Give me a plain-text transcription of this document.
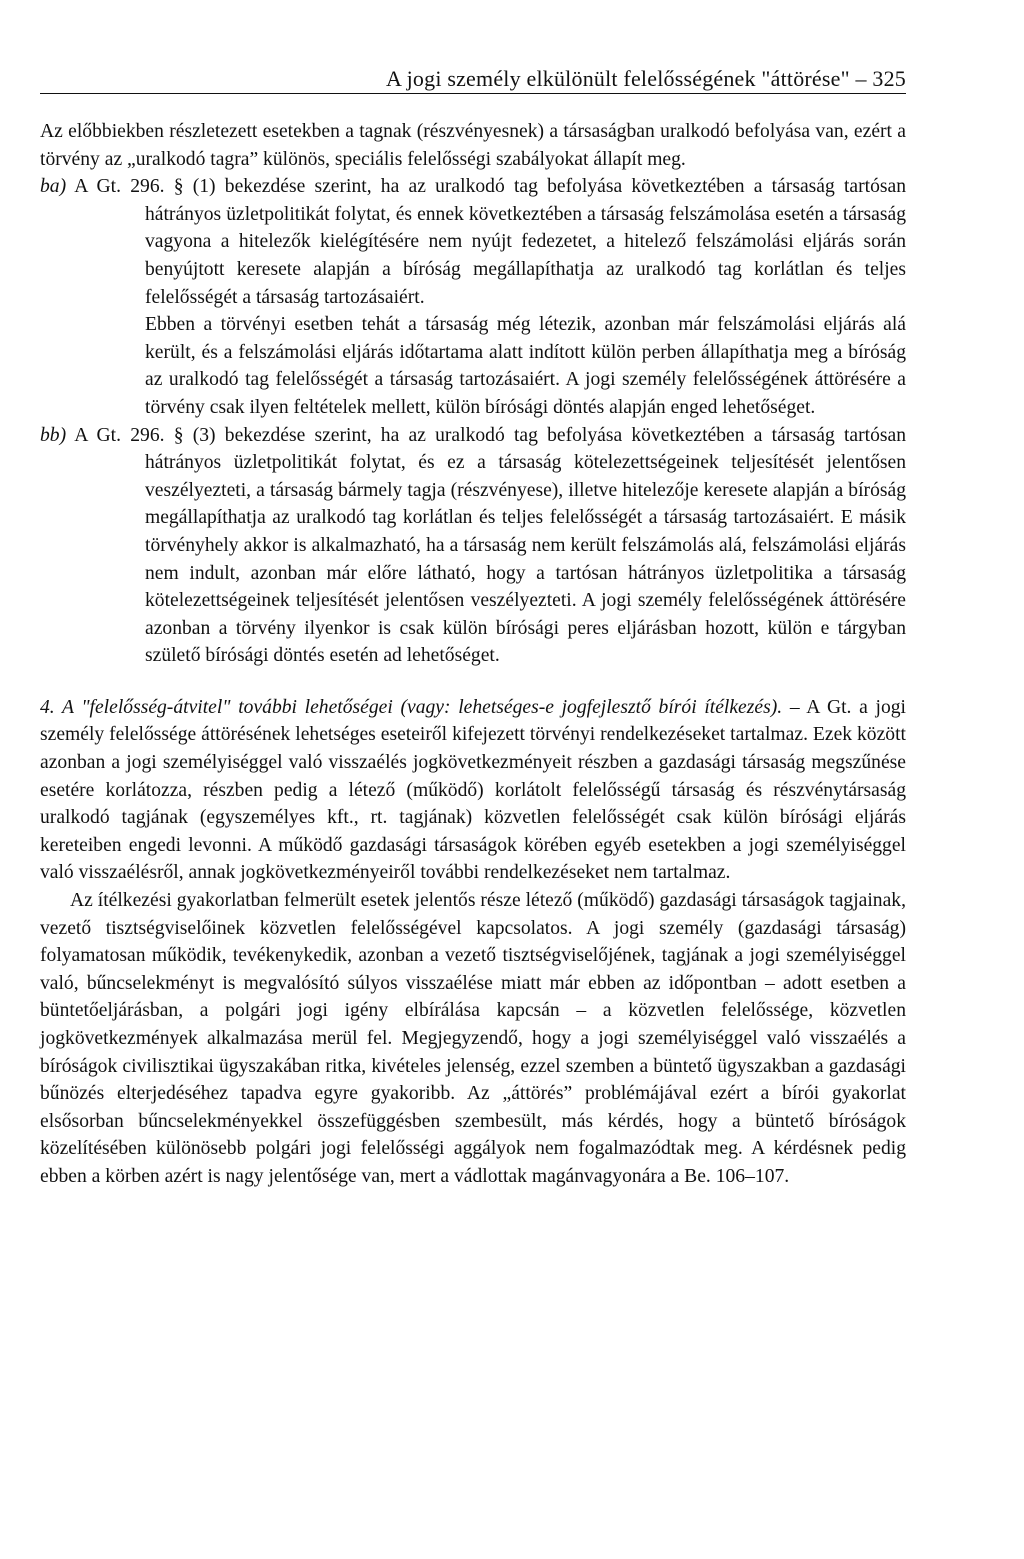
A jogi személy elkülönült felelősségének "áttörése" – 325

Az előbbiekben részletezett esetekben a tagnak (részvényesnek) a társaságban uralkodó befolyása van, ezért a törvény az „uralkodó tagra” különös, speciális felelősségi szabályokat állapít meg.

ba) A Gt. 296. § (1) bekezdése szerint, ha az uralkodó tag befolyása következtében a társaság tartósan hátrányos üzletpolitikát folytat, és ennek következtében a társaság felszámolása esetén a társaság vagyona a hitelezők kielégítésére nem nyújt fedezetet, a hitelező felszámolási eljárás során benyújtott keresete alapján a bíróság megállapíthatja az uralkodó tag korlátlan és teljes felelősségét a társaság tartozásaiért.

Ebben a törvényi esetben tehát a társaság még létezik, azonban már felszámolási eljárás alá került, és a felszámolási eljárás időtartama alatt indított külön perben állapíthatja meg a bíróság az uralkodó tag felelősségét a társaság tartozásaiért. A jogi személy felelősségének áttörésére a törvény csak ilyen feltételek mellett, külön bírósági döntés alapján enged lehetőséget.

bb) A Gt. 296. § (3) bekezdése szerint, ha az uralkodó tag befolyása következtében a társaság tartósan hátrányos üzletpolitikát folytat, és ez a társaság kötelezettségeinek teljesítését jelentősen veszélyezteti, a társaság bármely tagja (részvényese), illetve hitelezője keresete alapján a bíróság megállapíthatja az uralkodó tag korlátlan és teljes felelősségét a társaság tartozásaiért. E másik törvényhely akkor is alkalmazható, ha a társaság nem került felszámolás alá, felszámolási eljárás nem indult, azonban már előre látható, hogy a tartósan hátrányos üzletpolitika a társaság kötelezettségeinek teljesítését jelentősen veszélyezteti. A jogi személy felelősségének áttörésére azonban a törvény ilyenkor is csak külön bírósági peres eljárásban hozott, külön e tárgyban születő bírósági döntés esetén ad lehetőséget.

4. A "felelősség-átvitel" további lehetőségei (vagy: lehetséges-e jogfejlesztő bírói ítélkezés). – A Gt. a jogi személy felelőssége áttörésének lehetséges eseteiről kifejezett törvényi rendelkezéseket tartalmaz. Ezek között azonban a jogi személyiséggel való visszaélés jogkövetkezményeit részben a gazdasági társaság megszűnése esetére korlátozza, részben pedig a létező (működő) korlátolt felelősségű társaság és részvénytársaság uralkodó tagjának (egyszemélyes kft., rt. tagjának) közvetlen felelősségét csak külön bírósági eljárás kereteiben engedi levonni. A működő gazdasági társaságok körében egyéb esetekben a jogi személyiséggel való visszaélésről, annak jogkövetkezményeiről további rendelkezéseket nem tartalmaz.

Az ítélkezési gyakorlatban felmerült esetek jelentős része létező (működő) gazdasági társaságok tagjainak, vezető tisztségviselőinek közvetlen felelősségével kapcsolatos. A jogi személy (gazdasági társaság) folyamatosan működik, tevékenykedik, azonban a vezető tisztségviselőjének, tagjának a jogi személyiséggel való, bűncselekményt is megvalósító súlyos visszaélése miatt már ebben az időpontban – adott esetben a büntetőeljárásban, a polgári jogi igény elbírálása kapcsán – a közvetlen felelőssége, közvetlen jogkövetkezmények alkalmazása merül fel. Megjegyzendő, hogy a jogi személyiséggel való visszaélés a bíróságok civilisztikai ügyszakában ritka, kivételes jelenség, ezzel szemben a büntető ügyszakban a gazdasági bűnözés elterjedéséhez tapadva egyre gyakoribb. Az „áttörés” problémájával ezért a bírói gyakorlat elsősorban bűncselekményekkel összefüggésben szembesült, más kérdés, hogy a büntető bíróságok közelítésében különösebb polgári jogi felelősségi aggályok nem fogalmazódtak meg. A kérdésnek pedig ebben a körben azért is nagy jelentősége van, mert a vádlottak magánvagyonára a Be. 106–107.
